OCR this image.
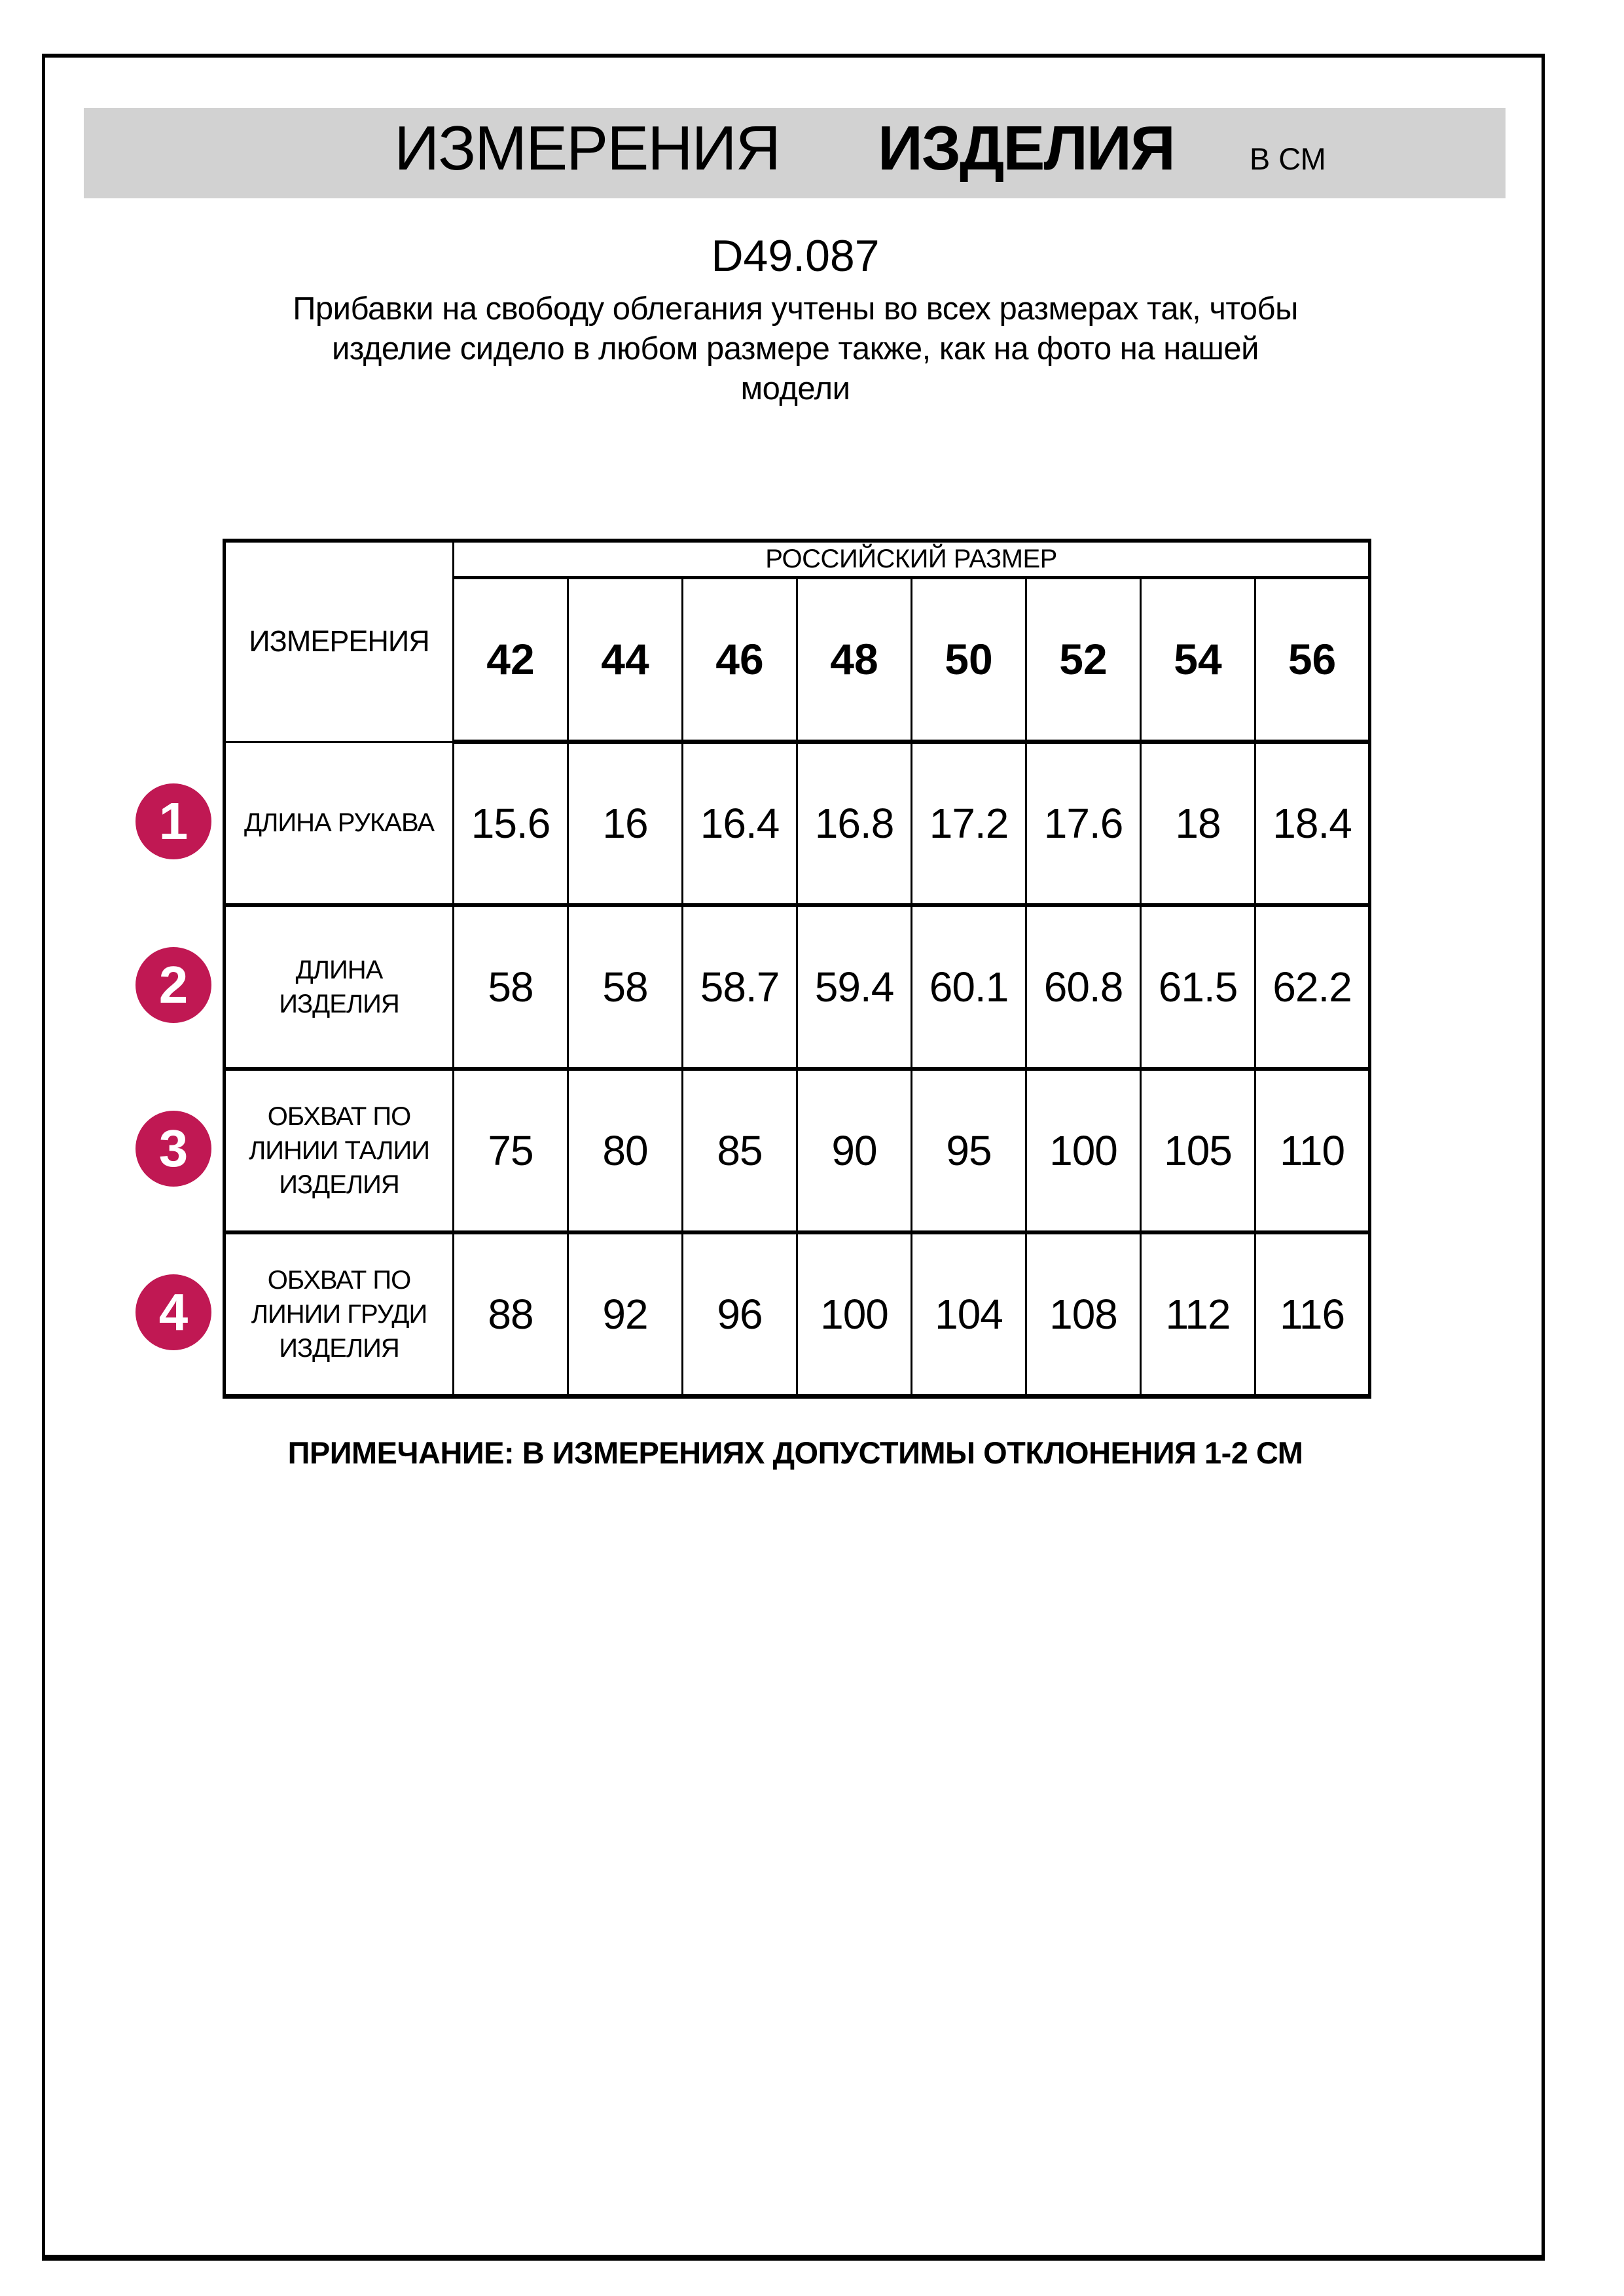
ИЗМЕРЕНИЯ ИЗДЕЛИЯ В СМ
D49.087
Прибавки на свободу облегания учтены во всех размерах так, чтобы
изделие сидело в любом размере также, как на фото на нашей
модели
ИЗМЕРЕНИЯ	РОССИЙСКИЙ РАЗМЕР							
	42	44	46	48	50	52	54	56
ДЛИНА РУКАВА	15.6	16	16.4	16.8	17.2	17.6	18	18.4
ДЛИНА ИЗДЕЛИЯ	58	58	58.7	59.4	60.1	60.8	61.5	62.2
ОБХВАТ ПО ЛИНИИ ТАЛИИ ИЗДЕЛИЯ	75	80	85	90	95	100	105	110
ОБХВАТ ПО ЛИНИИ ГРУДИ ИЗДЕЛИЯ	88	92	96	100	104	108	112	116
1
2
3
4
ПРИМЕЧАНИЕ: В ИЗМЕРЕНИЯХ ДОПУСТИМЫ ОТКЛОНЕНИЯ 1-2 СМ
